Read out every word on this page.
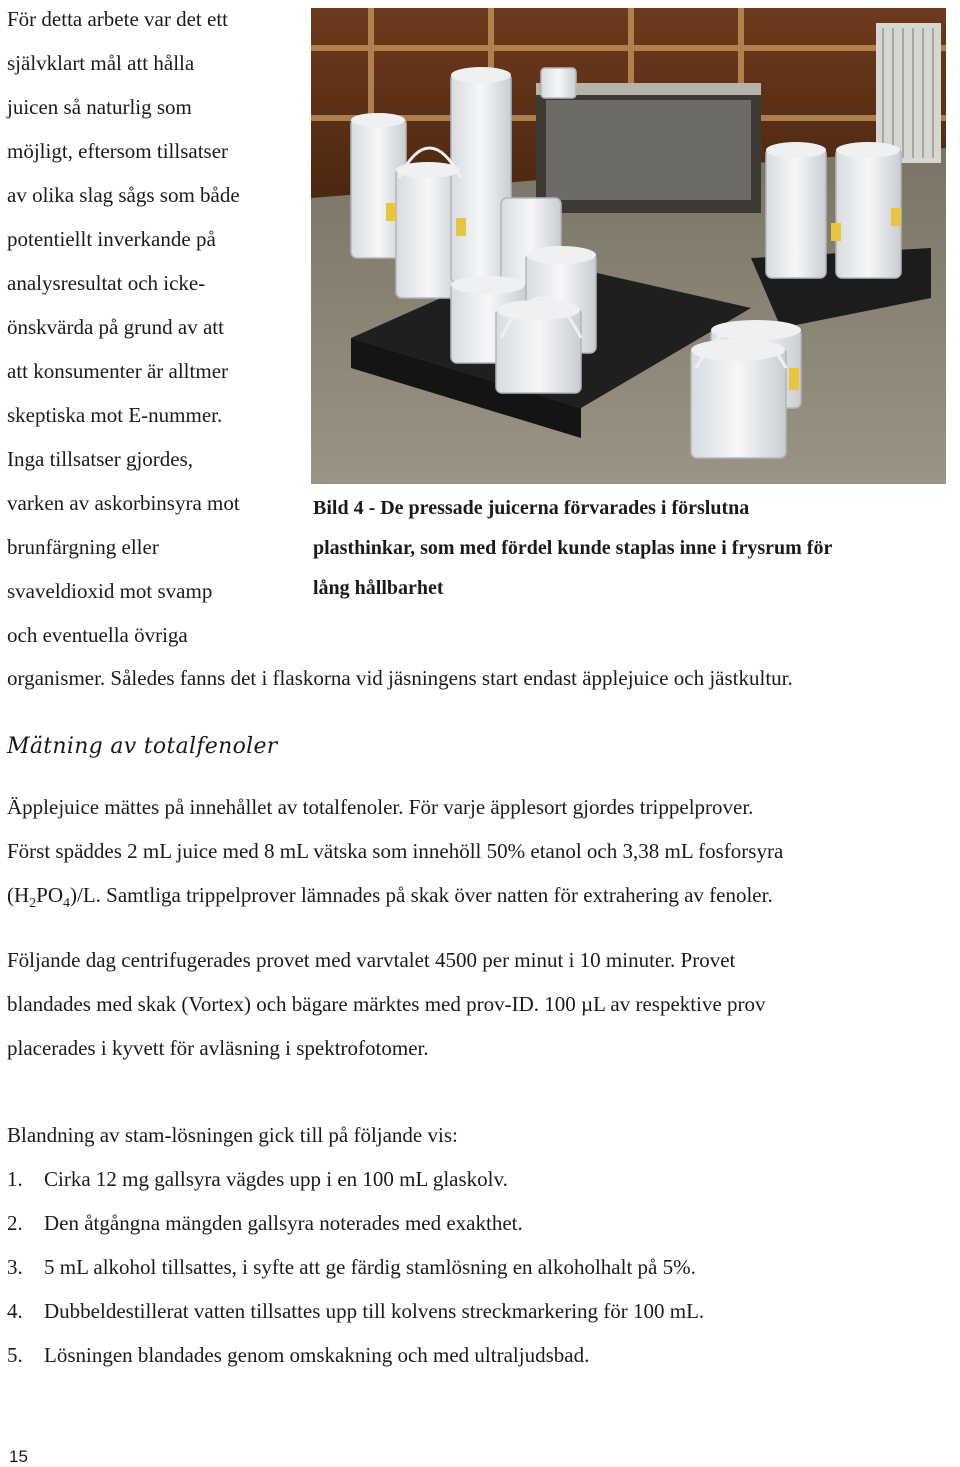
För detta arbete var det ett
självklart mål att hålla
juicen så naturlig som
möjligt, eftersom tillsatser
av olika slag sågs som både
potentiellt inverkande på
analysresultat och icke-
önskvärda på grund av att
att konsumenter är alltmer
skeptiska mot E-nummer.
Inga tillsatser gjordes,
varken av askorbinsyra mot
brunfärgning eller
svaveldioxid mot svamp
och eventuella övriga
organismer. Således fanns det i flaskorna vid jäsningens start endast äpplejuice och jästkultur.
Bild 4 - De pressade juicerna förvarades i förslutna
plasthinkar, som med fördel kunde staplas inne i frysrum för
lång hållbarhet
Mätning av totalfenoler
Äpplejuice mättes på innehållet av totalfenoler. För varje äpplesort gjordes trippelprover.
Först späddes 2 mL juice med 8 mL vätska som innehöll 50% etanol och 3,38 mL fosforsyra
$(H_2PO_4)/L$. Samtliga trippelprover lämnades på skak över natten för extrahering av fenoler.
Följande dag centrifugerades provet med varvtalet 4500 per minut i 10 minuter. Provet
blandades med skak (Vortex) och bägare märktes med prov-ID. 100 µL av respektive prov
placerades i kyvett för avläsning i spektrofotomer.
Blandning av stam-lösningen gick till på följande vis:
1. Cirka 12 mg gallsyra vägdes upp i en 100 mL glaskolv.
2. Den åtgångna mängden gallsyra noterades med exakthet.
3. 5 mL alkohol tillsattes, i syfte att ge färdig stamlösning en alkoholhalt på 5%.
4. Dubbeldestillerat vatten tillsattes upp till kolvens streckmarkering för 100 mL.
5. Lösningen blandades genom omskakning och med ultraljudsbad.
15
